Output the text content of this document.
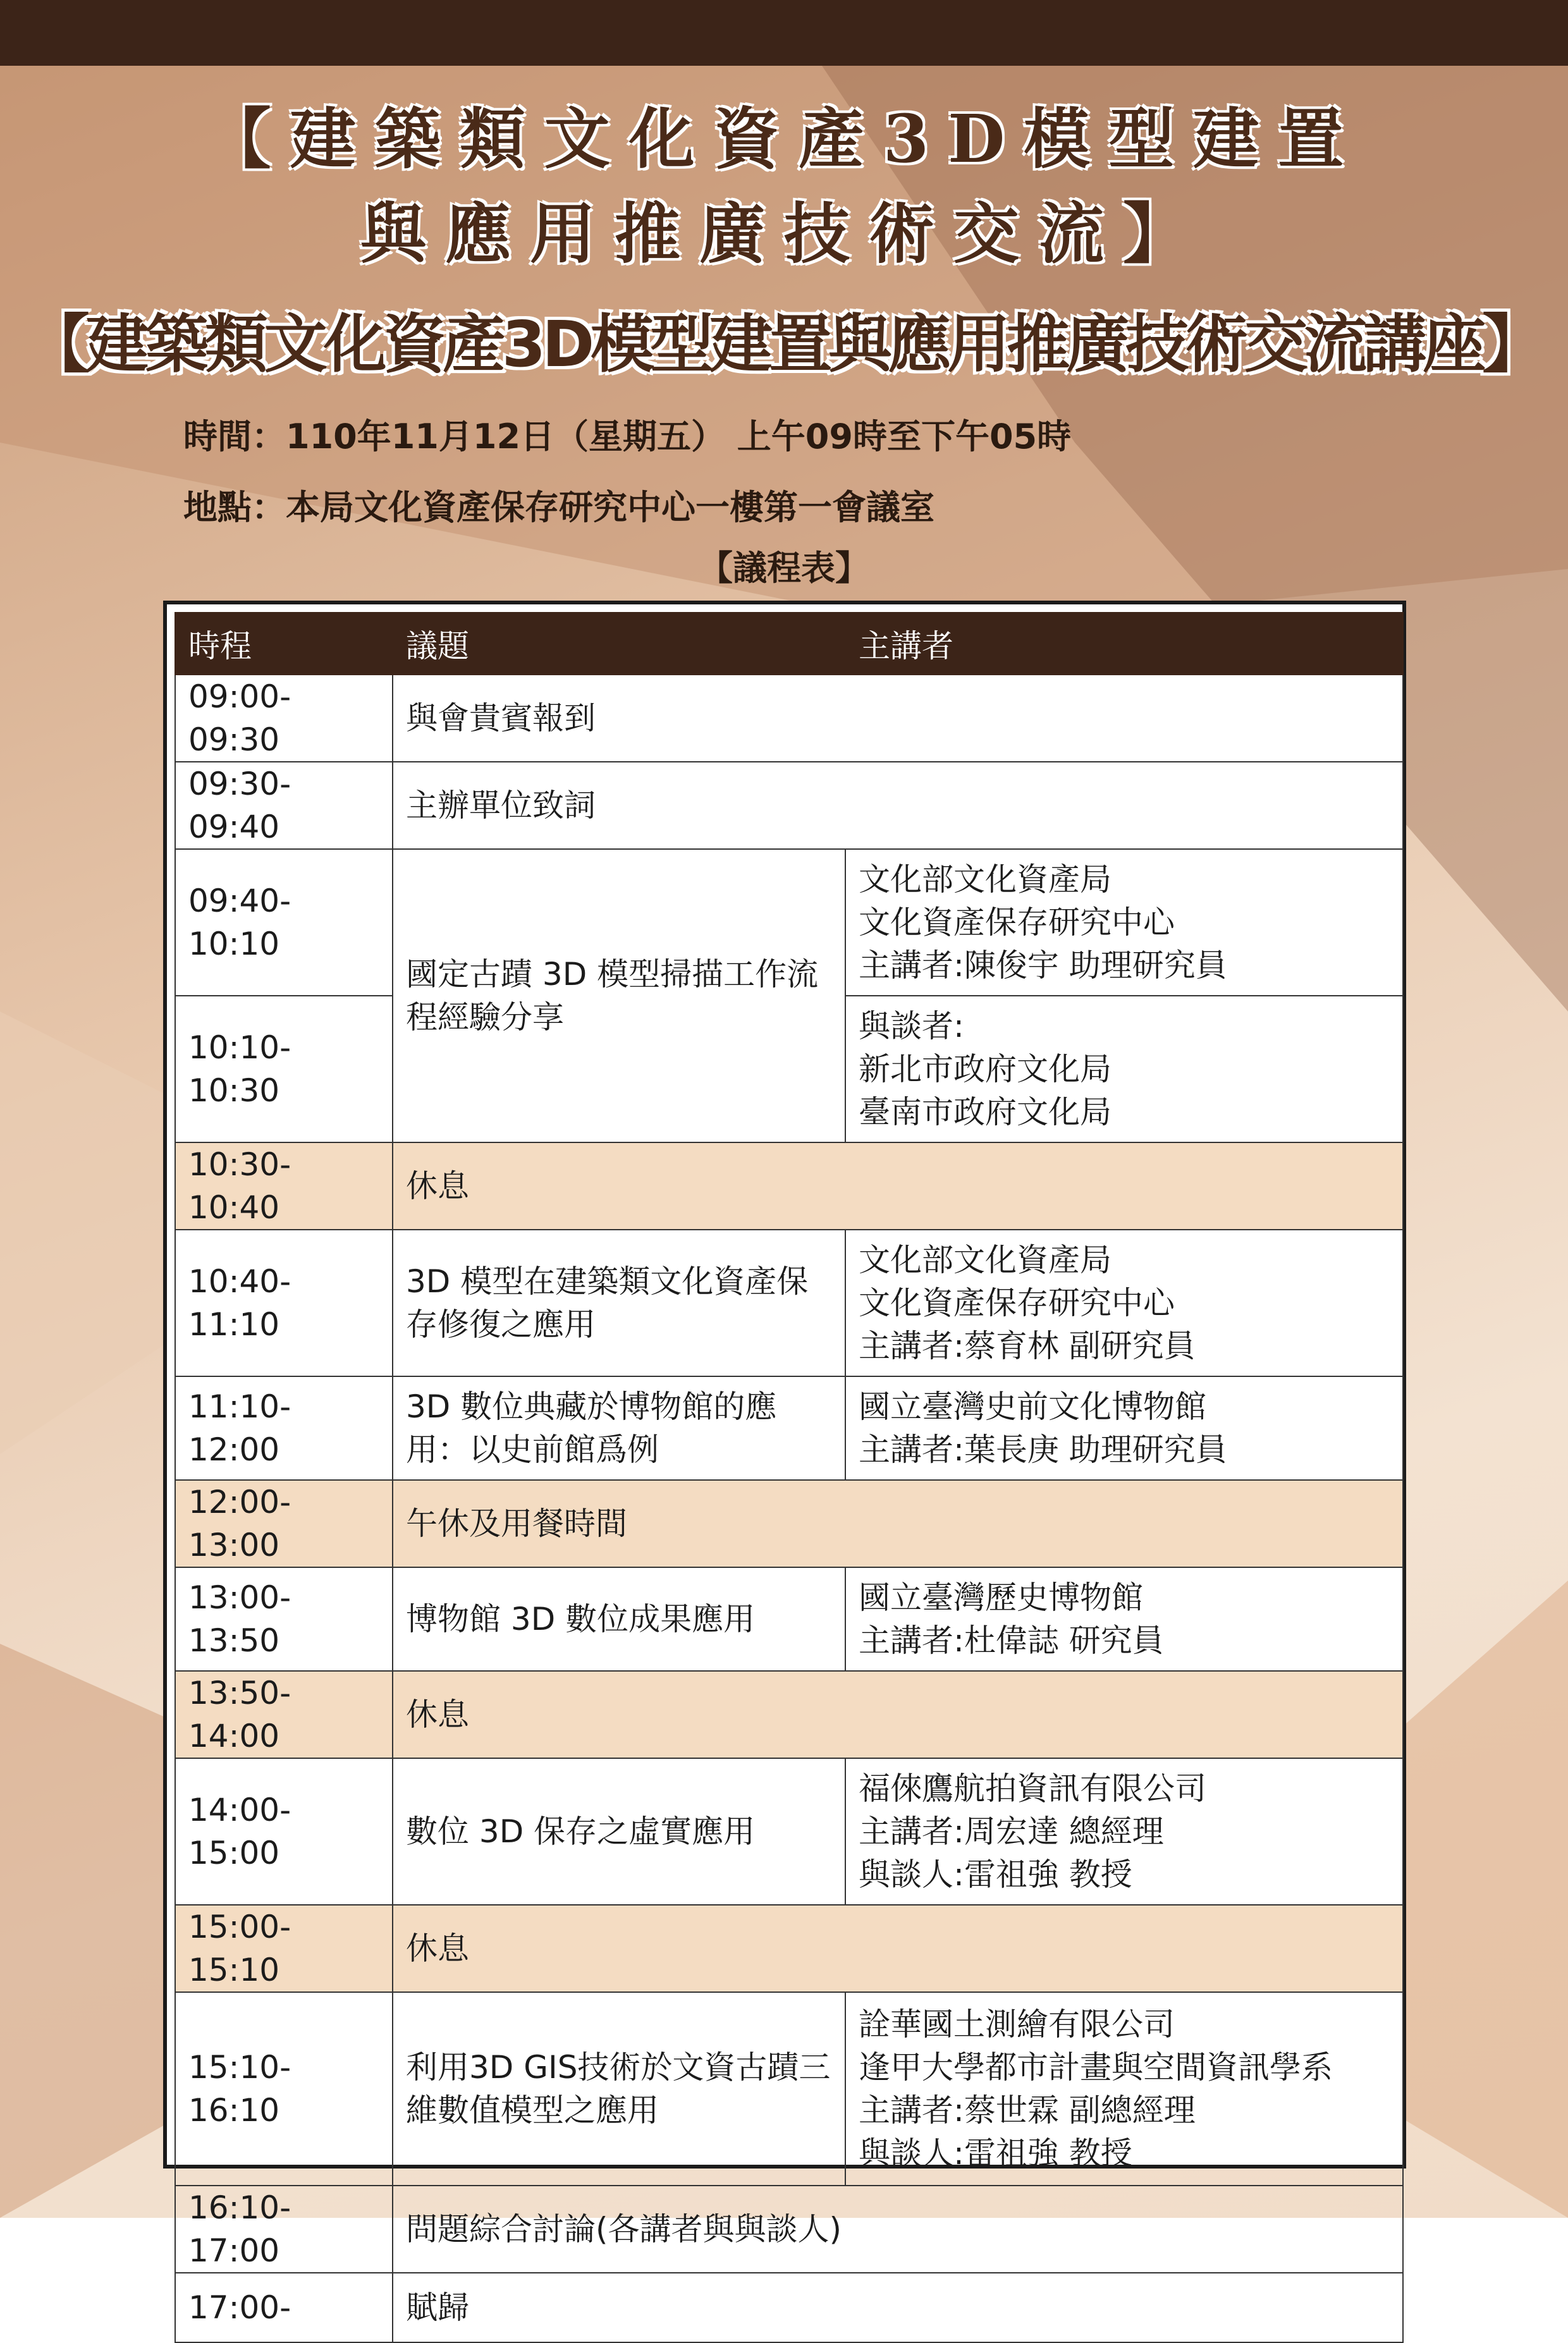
【建築類文化資產3D模型建置
與應用推廣技術交流】
【建築類文化資產3D模型建置與應用推廣技術交流講座】
時間：110年11月12日（星期五） 上午09時至下午05時
地點：本局文化資產保存研究中心一樓第一會議室
【議程表】
時程	議題	主講者
09:00-09:30	與會貴賓報到	
09:30-09:40	主辦單位致詞	
09:40-10:10	國定古蹟 3D 模型掃描工作流程經驗分享	文化部文化資產局
文化資產保存研究中心
主講者:陳俊宇 助理研究員

10:10-10:30		與談者:
新北市政府文化局
臺南市政府文化局

10:30-10:40	休息	
10:40-11:10	3D 模型在建築類文化資產保存修復之應用	文化部文化資產局
文化資產保存研究中心
主講者:蔡育林 副研究員

11:10-12:00	3D 數位典藏於博物館的應用：以史前館爲例	國立臺灣史前文化博物館
主講者:葉長庚 助理研究員

12:00-13:00	午休及用餐時間	
13:00-13:50	博物館 3D 數位成果應用	國立臺灣歷史博物館
主講者:杜偉誌 研究員

13:50-14:00	休息	
14:00-15:00	數位 3D 保存之虛實應用	福倈鷹航拍資訊有限公司
主講者:周宏達 總經理
與談人:雷祖強 教授

15:00-15:10	休息	
15:10-16:10	利用3D GIS技術於文資古蹟三維數值模型之應用	詮華國土測繪有限公司
逢甲大學都市計畫與空間資訊學系
主講者:蔡世霖 副總經理
與談人:雷祖強 教授

16:10-17:00	問題綜合討論(各講者與與談人)	
17:00-	賦歸	
